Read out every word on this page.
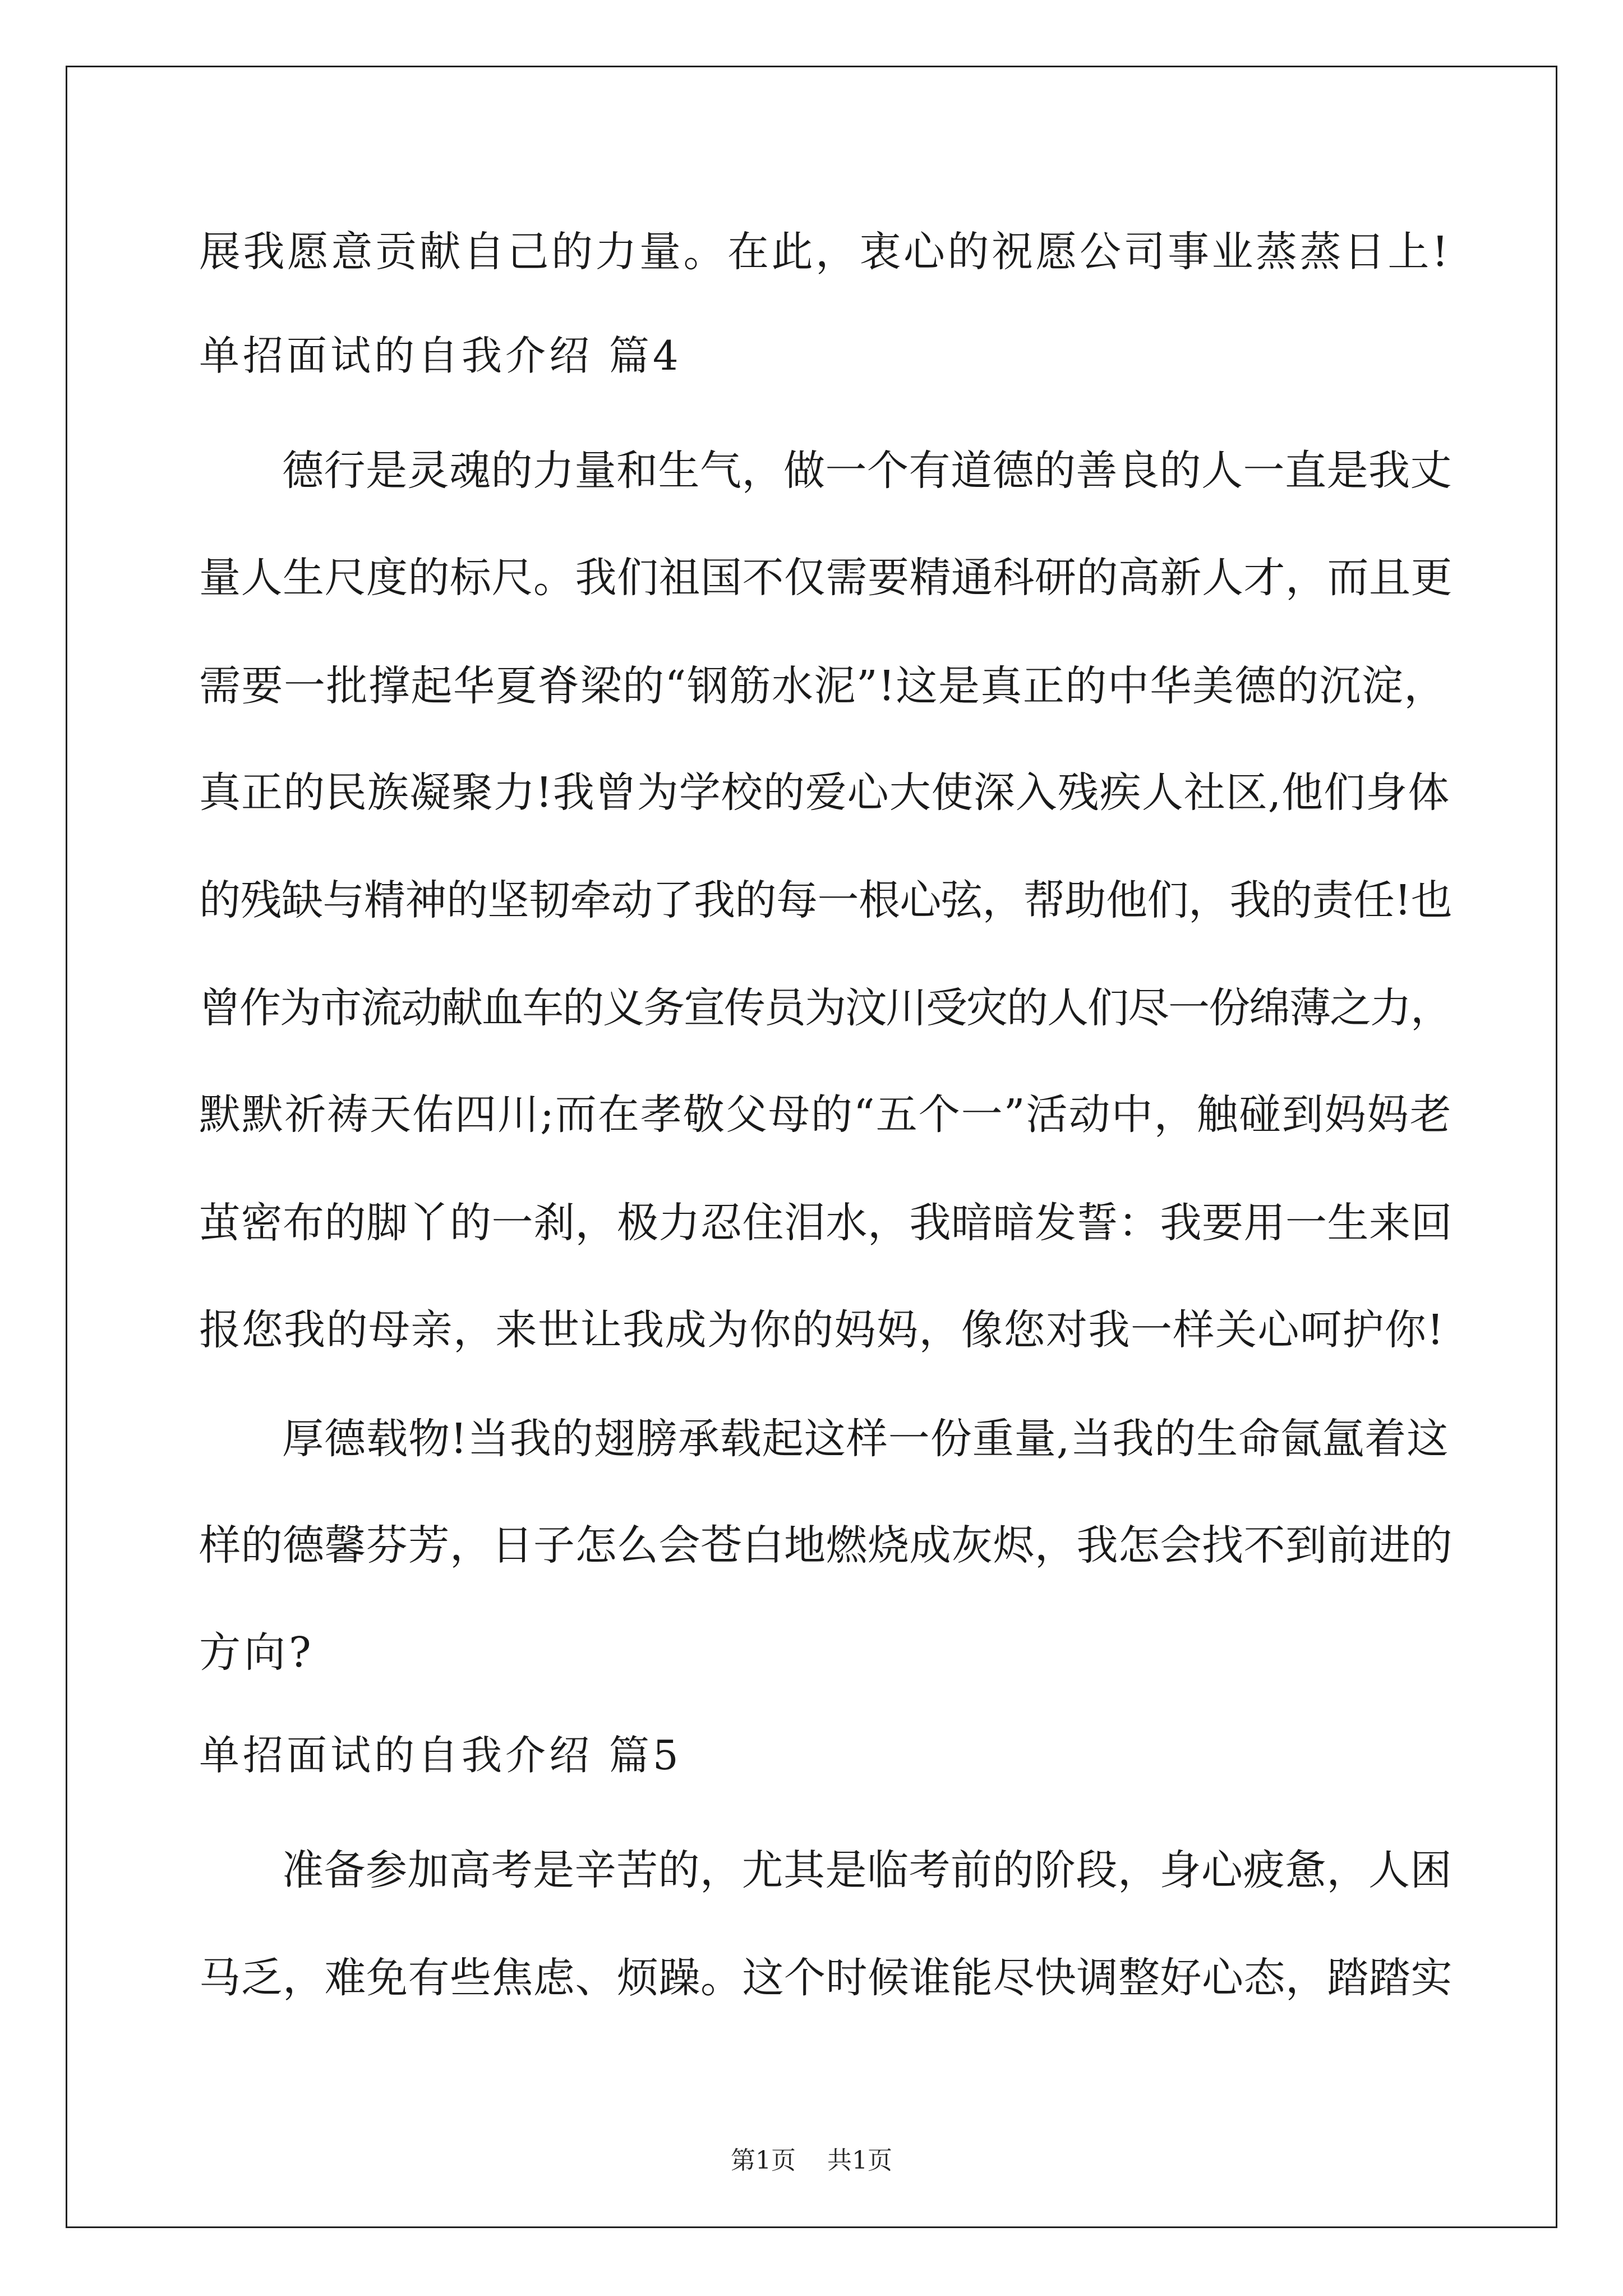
展我愿意贡献自己的力量。在此，衷心的祝愿公司事业蒸蒸日上!
单招面试的自我介绍 篇4
德行是灵魂的力量和生气，做一个有道德的善良的人一直是我丈
量人生尺度的标尺。我们祖国不仅需要精通科研的高新人才，而且更
需要一批撑起华夏脊梁的“钢筋水泥”!这是真正的中华美德的沉淀，
真正的民族凝聚力!我曾为学校的爱心大使深入残疾人社区,他们身体
的残缺与精神的坚韧牵动了我的每一根心弦，帮助他们，我的责任!也
曾作为市流动献血车的义务宣传员为汶川受灾的人们尽一份绵薄之力，
默默祈祷天佑四川;而在孝敬父母的“五个一”活动中，触碰到妈妈老
茧密布的脚丫的一刹，极力忍住泪水，我暗暗发誓：我要用一生来回
报您我的母亲，来世让我成为你的妈妈，像您对我一样关心呵护你!
厚德载物!当我的翅膀承载起这样一份重量,当我的生命氤氲着这
样的德馨芬芳，日子怎么会苍白地燃烧成灰烬，我怎会找不到前进的
方向?
单招面试的自我介绍 篇5
准备参加高考是辛苦的，尤其是临考前的阶段，身心疲惫，人困
马乏，难免有些焦虑、烦躁。这个时候谁能尽快调整好心态，踏踏实
第1页 共1页
